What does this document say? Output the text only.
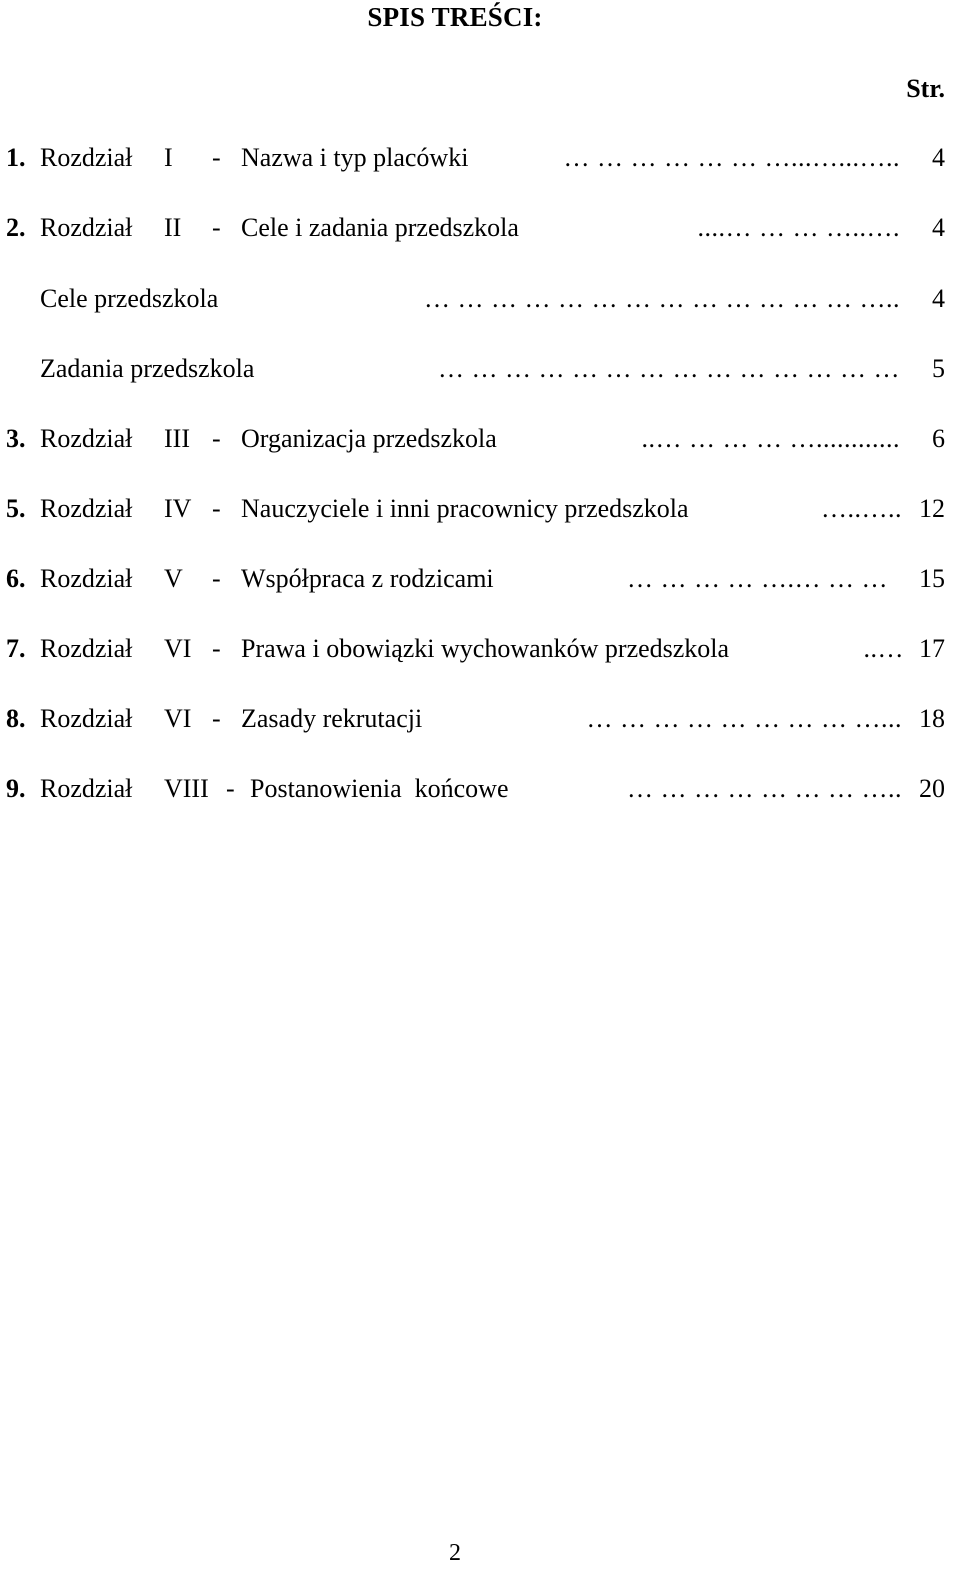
SPIS TREŚCI:
Str.
1. Rozdział I - Nazwa i typ placówki	… … … … … … …...…...….. 4
2. Rozdział II - Cele i zadania przedszkola	....… … … …..…. 4
Cele przedszkola	… … … … … … … … … … … … … ….. 4
Zadania przedszkola	… … … … … … … … … … … … … … 5
3. Rozdział III - Organizacja przedszkola	..… … … … …............ 6
5. Rozdział IV - Nauczyciele i inni pracownicy przedszkola	…..….. 12
6. Rozdział V - Współpraca z rodzicami	… … … … ….… … … 15
7. Rozdział VI - Prawa i obowiązki wychowanków przedszkola	..… 17
8. Rozdział VI - Zasady rekrutacji	… … … … … … … … …... 18
9. Rozdział VIII - Postanowienia  końcowe	… … … … … … … ….. 20
2
